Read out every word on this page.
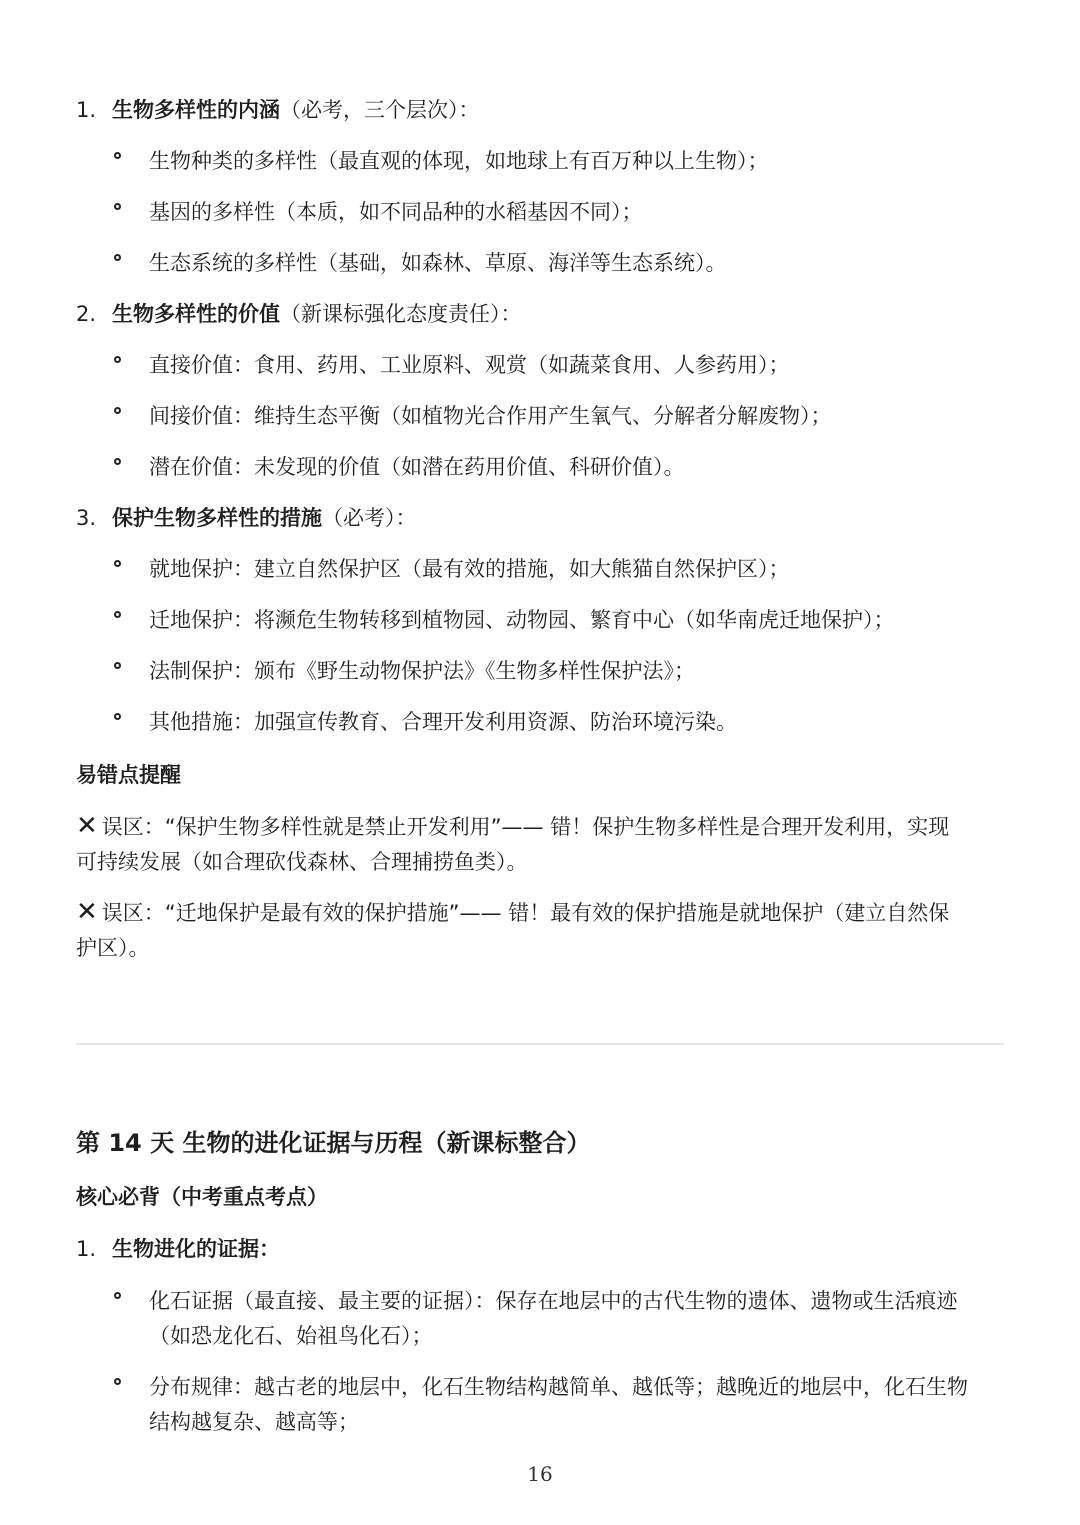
1. 生物多样性的内涵（必考，三个层次）：
生物种类的多样性（最直观的体现，如地球上有百万种以上生物）；
基因的多样性（本质，如不同品种的水稻基因不同）；
生态系统的多样性（基础，如森林、草原、海洋等生态系统）。
2. 生物多样性的价值（新课标强化态度责任）：
直接价值：食用、药用、工业原料、观赏（如蔬菜食用、人参药用）；
间接价值：维持生态平衡（如植物光合作用产生氧气、分解者分解废物）；
潜在价值：未发现的价值（如潜在药用价值、科研价值）。
3. 保护生物多样性的措施（必考）：
就地保护：建立自然保护区（最有效的措施，如大熊猫自然保护区）；
迁地保护：将濒危生物转移到植物园、动物园、繁育中心（如华南虎迁地保护）；
法制保护：颁布《野生动物保护法》《生物多样性保护法》；
其他措施：加强宣传教育、合理开发利用资源、防治环境污染。
易错点提醒
✕ 误区：“保护生物多样性就是禁止开发利用”—— 错！保护生物多样性是合理开发利用，实现
可持续发展（如合理砍伐森林、合理捕捞鱼类）。
✕ 误区：“迁地保护是最有效的保护措施”—— 错！最有效的保护措施是就地保护（建立自然保
护区）。
第 14 天 生物的进化证据与历程（新课标整合）
核心必背（中考重点考点）
1. 生物进化的证据：
化石证据（最直接、最主要的证据）：保存在地层中的古代生物的遗体、遗物或生活痕迹
（如恐龙化石、始祖鸟化石）；
分布规律：越古老的地层中，化石生物结构越简单、越低等；越晚近的地层中，化石生物
结构越复杂、越高等；
16
